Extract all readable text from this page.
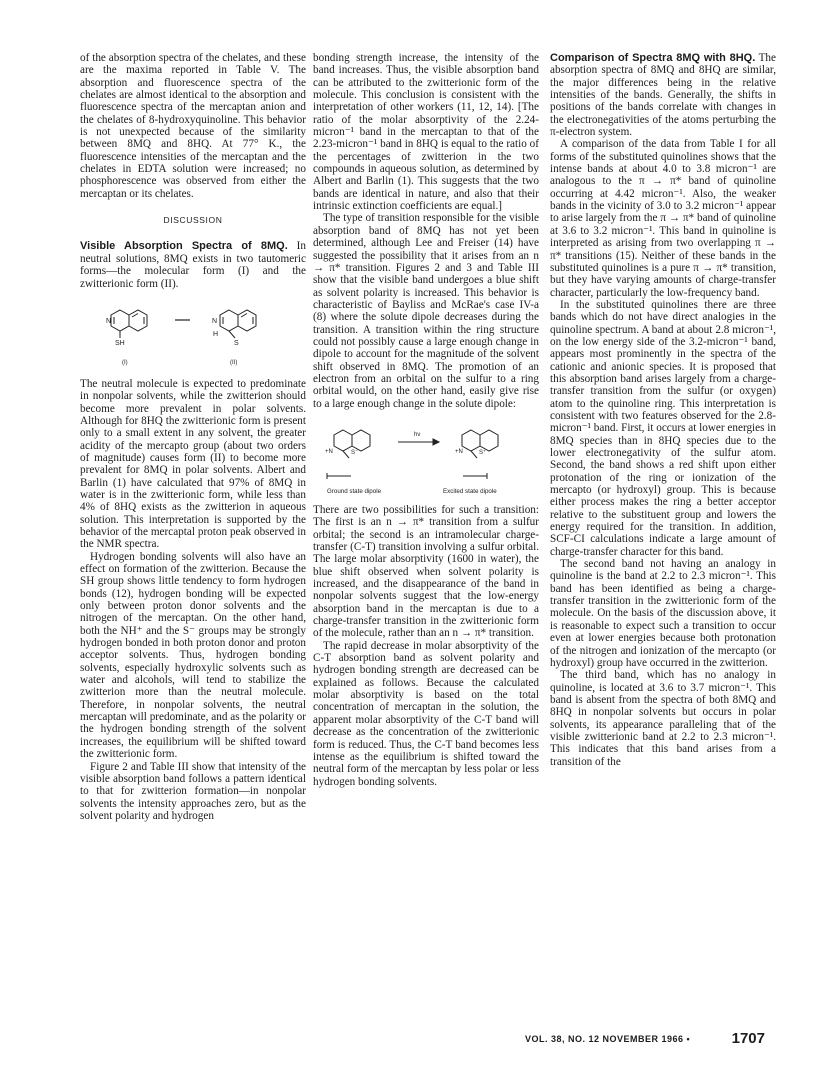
of the absorption spectra of the chelates, and these are the maxima reported in Table V. The absorption and fluorescence spectra of the chelates are almost identical to the absorption and fluorescence spectra of the mercaptan anion and the chelates of 8-hydroxyquinoline. This behavior is not unexpected because of the similarity between 8MQ and 8HQ. At 77° K., the fluorescence intensities of the mercaptan and the chelates in EDTA solution were increased; no phosphorescence was observed from either the mercaptan or its chelates.

DISCUSSION

Visible Absorption Spectra of 8MQ. In neutral solutions, 8MQ exists in two tautomeric forms—the molecular form (I) and the zwitterionic form (II).

N
SH
(I)
N
H
S
(II)

The neutral molecule is expected to predominate in nonpolar solvents, while the zwitterion should become more prevalent in polar solvents. Although for 8HQ the zwitterionic form is present only to a small extent in any solvent, the greater acidity of the mercapto group (about two orders of magnitude) causes form (II) to become more prevalent for 8MQ in polar solvents. Albert and Barlin (1) have calculated that 97% of 8MQ in water is in the zwitterionic form, while less than 4% of 8HQ exists as the zwitterion in aqueous solution. This interpretation is supported by the behavior of the mercaptal proton peak observed in the NMR spectra.

Hydrogen bonding solvents will also have an effect on formation of the zwitterion. Because the SH group shows little tendency to form hydrogen bonds (12), hydrogen bonding will be expected only between proton donor solvents and the nitrogen of the mercaptan. On the other hand, both the NH⁺ and the S⁻ groups may be strongly hydrogen bonded in both proton donor and proton acceptor solvents. Thus, hydrogen bonding solvents, especially hydroxylic solvents such as water and alcohols, will tend to stabilize the zwitterion more than the neutral molecule. Therefore, in nonpolar solvents, the neutral mercaptan will predominate, and as the polarity or the hydrogen bonding strength of the solvent increases, the equilibrium will be shifted toward the zwitterionic form.

Figure 2 and Table III show that intensity of the visible absorption band follows a pattern identical to that for zwitterion formation—in nonpolar solvents the intensity approaches zero, but as the solvent polarity and hydrogen

bonding strength increase, the intensity of the band increases. Thus, the visible absorption band can be attributed to the zwitterionic form of the molecule. This conclusion is consistent with the interpretation of other workers (11, 12, 14). [The ratio of the molar absorptivity of the 2.24-micron⁻¹ band in the mercaptan to that of the 2.23-micron⁻¹ band in 8HQ is equal to the ratio of the percentages of zwitterion in the two compounds in aqueous solution, as determined by Albert and Barlin (1). This suggests that the two bands are identical in nature, and also that their intrinsic extinction coefficients are equal.]

The type of transition responsible for the visible absorption band of 8MQ has not yet been determined, although Lee and Freiser (14) have suggested the possibility that it arises from an n → π* transition. Figures 2 and 3 and Table III show that the visible band undergoes a blue shift as solvent polarity is increased. This behavior is characteristic of Bayliss and McRae's case IV-a (8) where the solute dipole decreases during the transition. A transition within the ring structure could not possibly cause a large enough change in dipole to account for the magnitude of the solvent shift observed in 8MQ. The promotion of an electron from an orbital on the sulfur to a ring orbital would, on the other hand, easily give rise to a large enough change in the solute dipole:

+N	S⁻
hν
+N	S⁺
Ground state dipole	Excited state dipole

There are two possibilities for such a transition: The first is an n → π* transition from a sulfur orbital; the second is an intramolecular charge-transfer (C-T) transition involving a sulfur orbital. The large molar absorptivity (1600 in water), the blue shift observed when solvent polarity is increased, and the disappearance of the band in nonpolar solvents suggest that the low-energy absorption band in the mercaptan is due to a charge-transfer transition in the zwitterionic form of the molecule, rather than an n → π* transition.

The rapid decrease in molar absorptivity of the C-T absorption band as solvent polarity and hydrogen bonding strength are decreased can be explained as follows. Because the calculated molar absorptivity is based on the total concentration of mercaptan in the solution, the apparent molar absorptivity of the C-T band will decrease as the concentration of the zwitterionic form is reduced. Thus, the C-T band becomes less intense as the equilibrium is shifted toward the neutral form of the mercaptan by less polar or less hydrogen bonding solvents.

Comparison of Spectra 8MQ with 8HQ. The absorption spectra of 8MQ and 8HQ are similar, the major differences being in the relative intensities of the bands. Generally, the shifts in positions of the bands correlate with changes in the electronegativities of the atoms perturbing the π-electron system.

A comparison of the data from Table I for all forms of the substituted quinolines shows that the intense bands at about 4.0 to 3.8 micron⁻¹ are analogous to the π → π* band of quinoline occurring at 4.42 micron⁻¹. Also, the weaker bands in the vicinity of 3.0 to 3.2 micron⁻¹ appear to arise largely from the π → π* band of quinoline at 3.6 to 3.2 micron⁻¹. This band in quinoline is interpreted as arising from two overlapping π → π* transitions (15). Neither of these bands in the substituted quinolines is a pure π → π* transition, but they have varying amounts of charge-transfer character, particularly the low-frequency band.

In the substituted quinolines there are three bands which do not have direct analogies in the quinoline spectrum. A band at about 2.8 micron⁻¹, on the low energy side of the 3.2-micron⁻¹ band, appears most prominently in the spectra of the cationic and anionic species. It is proposed that this absorption band arises largely from a charge-transfer transition from the sulfur (or oxygen) atom to the quinoline ring. This interpretation is consistent with two features observed for the 2.8-micron⁻¹ band. First, it occurs at lower energies in 8MQ species than in 8HQ species due to the lower electronegativity of the sulfur atom. Second, the band shows a red shift upon either protonation of the ring or ionization of the mercapto (or hydroxyl) group. This is because either process makes the ring a better acceptor relative to the substituent group and lowers the energy required for the transition. In addition, SCF-CI calculations indicate a large amount of charge-transfer character for this band.

The second band not having an analogy in quinoline is the band at 2.2 to 2.3 micron⁻¹. This band has been identified as being a charge-transfer transition in the zwitterionic form of the molecule. On the basis of the discussion above, it is reasonable to expect such a transition to occur even at lower energies because both protonation of the nitrogen and ionization of the mercapto (or hydroxyl) group have occurred in the zwitterion.

The third band, which has no analogy in quinoline, is located at 3.6 to 3.7 micron⁻¹. This band is absent from the spectra of both 8MQ and 8HQ in nonpolar solvents but occurs in polar solvents, its appearance paralleling that of the visible zwitterionic band at 2.2 to 2.3 micron⁻¹. This indicates that this band arises from a transition of the

VOL. 38, NO. 12 NOVEMBER 1966 •	1707
